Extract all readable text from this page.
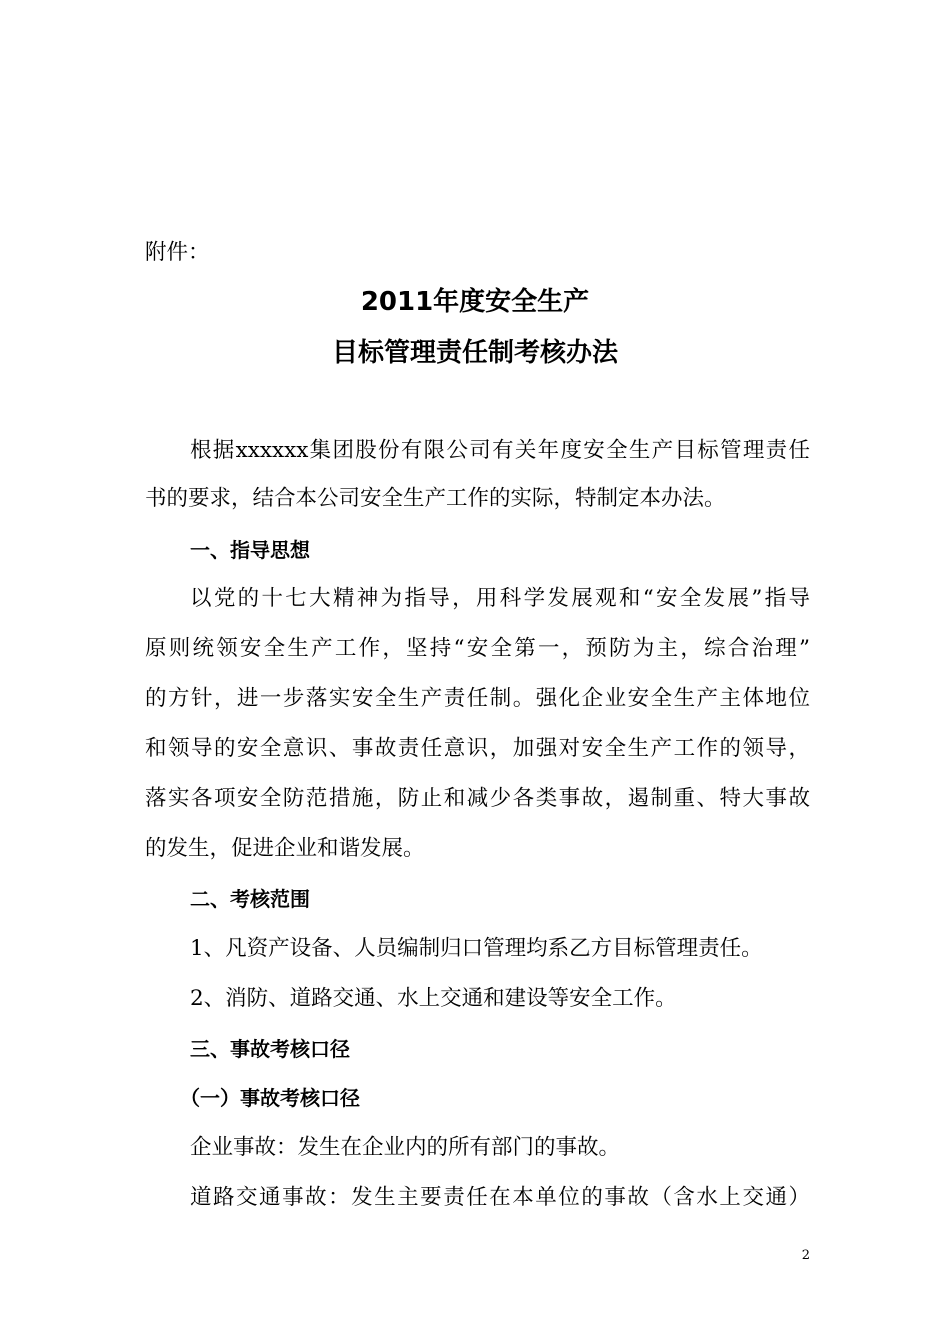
附件：
2011年度安全生产
目标管理责任制考核办法
根据xxxxxx集团股份有限公司有关年度安全生产目标管理责任
书的要求，结合本公司安全生产工作的实际，特制定本办法。
一、指导思想
以党的十七大精神为指导，用科学发展观和“安全发展”指导
原则统领安全生产工作，坚持“安全第一，预防为主，综合治理”
的方针，进一步落实安全生产责任制。强化企业安全生产主体地位
和领导的安全意识、事故责任意识，加强对安全生产工作的领导，
落实各项安全防范措施，防止和减少各类事故，遏制重、特大事故
的发生，促进企业和谐发展。
二、考核范围
1、凡资产设备、人员编制归口管理均系乙方目标管理责任。
2、消防、道路交通、水上交通和建设等安全工作。
三、事故考核口径
（一）事故考核口径
企业事故：发生在企业内的所有部门的事故。
道路交通事故：发生主要责任在本单位的事故（含水上交通）
2
